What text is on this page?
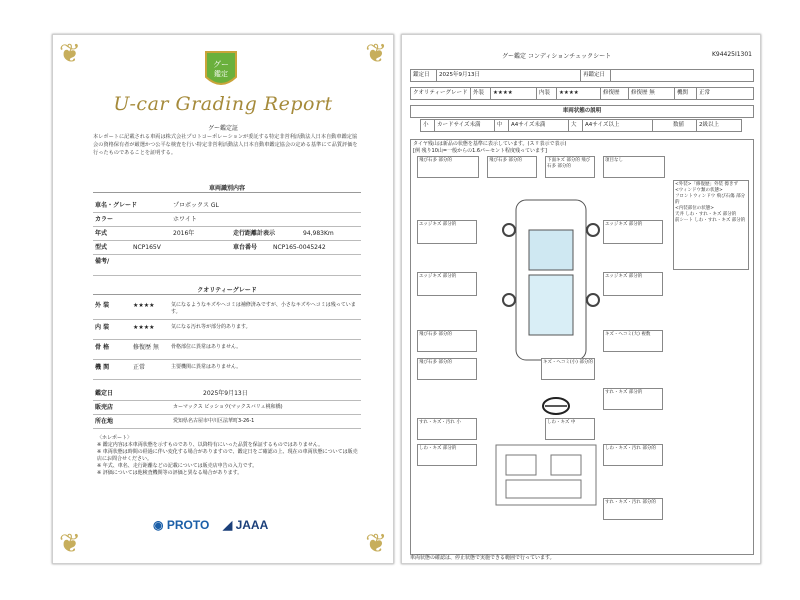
❦	❦
❦	❦
グー
鑑定
U-car Grading Report
グー鑑定証
本レポートに記載される車両は株式会社プロトコーポレーションが委託する特定非営利活動法人日本自動車鑑定協会の資格保有者が厳選かつ公平な検査を行い特定非営利活動法人日本自動車鑑定協会の定める基準にて品質評価を行ったものであることを証明する。
車両識別内容
車名・グレード	プロボックス GL
カラー	ホワイト
年式	2016年	走行距離計表示	94,983Km
型式	NCP165V	車台番号	NCP165-0045242
備考/
クオリティーグレード
外 装	★★★★	気になるようなキズやヘコミは補修済みですが、小さなキズやヘコミは残っています。
内 装	★★★★	気になる汚れ等が部分的あります。
骨 格	修復歴 無 骨格部位に異常はありません。
機 関	正常	主要機関に異常はありません。
鑑定日	2025年9月13日
販売店	カーマックス ビッショウ(マックスバリュ桃和橋)
所在地	愛知県名古屋市中川区法華町3-26-1
〈ホレポート〉
※ 鑑定内容は本車両状態を示すものであり、以降特有にいった品質を保証するものではありません。
※ 車両状態は時間の経過に伴い変化する場合がありますので、鑑定日をご確認の上、現在の車両状態については販売店にお問合せください。
※ 年式、車名、走行距離などの記載については販売店申告の入力です。
※ 評価については他検査機関等の評価と異なる場合があります。
◉ PROTO ◢ JAAA
グー鑑定 コンディションチェックシート	K94425I1301
鑑定日	2025年9月13日	再鑑定日
クオリティーグレード	外装	★★★★	内装	★★★★	修復歴	修復歴 無	機関	正常
車両状態の説明
小	カードサイズ未満	中	A4サイズ未満	大	A4サイズ以上	数値	2級以上
タイヤ残山は新品の状態を基準に表示しています。(スリ表示で表示)
[例 残り10山=一般からの1.6パーセント程度残っています]
飛び石多 部分的	飛び石多 部分的	下面キズ 部分的 飛び石多 部分的
項目なし
エッジキズ 部分的	エッジキズ 部分的
エッジキズ 部分的	エッジキズ 部分的
飛び石多 部分的	キズ・ヘコミ(大) 複数
飛び石多 部分的	キズ・ヘコミ(小) 部分的
すれ・キズ 部分的
すれ・キズ・汚れ 小	しわ・キズ 中
しわ・キズ 部分的	しわ・キズ・汚れ 部分的
すれ・キズ・汚れ 部分的
<外装>「修復歴」外装 擦きず
<ウィンドウ類の状態>
フロントウィンドウ 飛び石傷 部分的
<内装部位の状態>
天井 しわ・すれ・キズ 部分的
前シート しわ・すれ・キズ 部分的
車両状態の確認は、停止状態で実施できる範囲で行っています。
